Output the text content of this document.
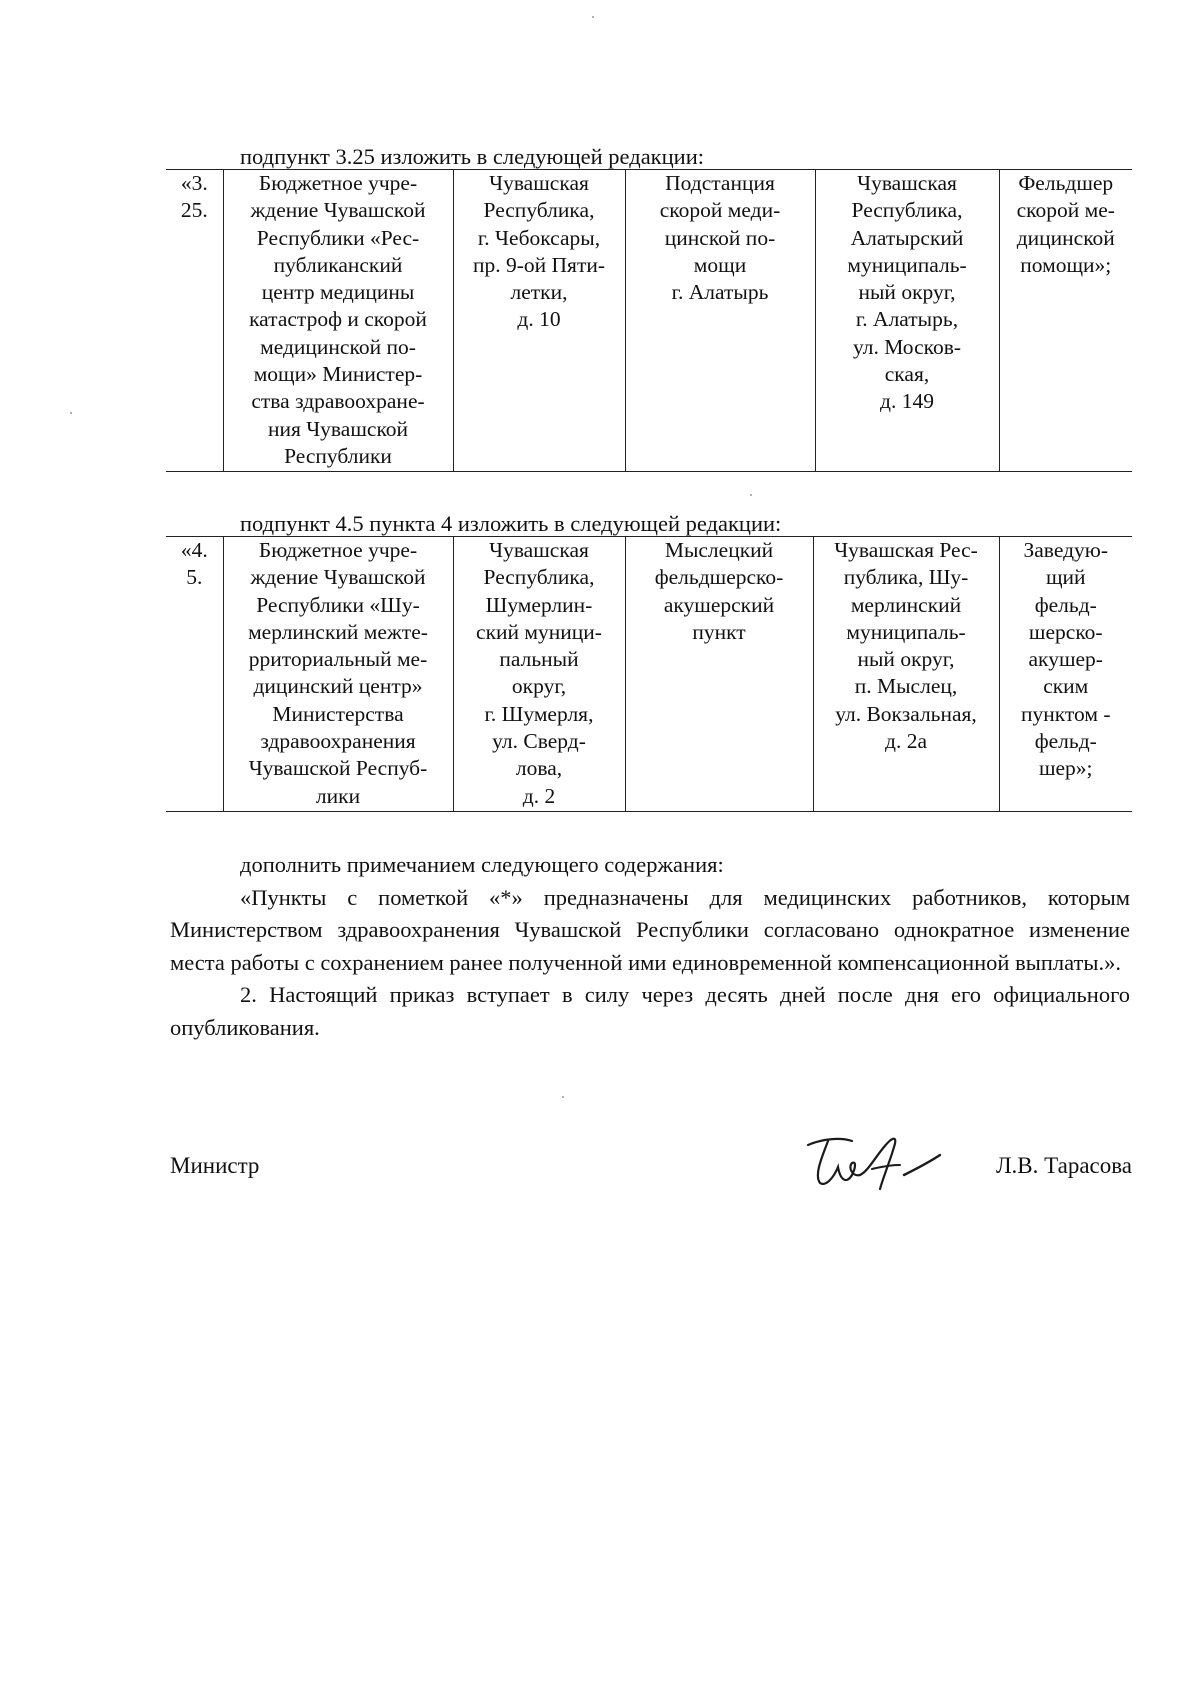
подпункт 3.25 изложить в следующей редакции:
«3.
25.	Бюджетное учре-
ждение Чувашской
Республики «Рес-
публиканский
центр медицины
катастроф и скорой
медицинской по-
мощи» Министер-
ства здравоохране-
ния Чувашской
Республики	Чувашская
Республика,
г. Чебоксары,
пр. 9-ой Пяти-
летки,
д. 10	Подстанция
скорой меди-
цинской по-
мощи
г. Алатырь	Чувашская
Республика,
Алатырский
муниципаль-
ный округ,
г. Алатырь,
ул. Москов-
ская,
д. 149	Фельдшер
скорой ме-
дицинской
помощи»;
подпункт 4.5 пункта 4 изложить в следующей редакции:
«4.
5.	Бюджетное учре-
ждение Чувашской
Республики «Шу-
мерлинский межте-
рриториальный ме-
дицинский центр»
Министерства
здравоохранения
Чувашской Респуб-
лики	Чувашская
Республика,
Шумерлин-
ский муници-
пальный
округ,
г. Шумерля,
ул. Сверд-
лова,
д. 2	Мыслецкий
фельдшерско-
акушерский
пункт	Чувашская Рес-
публика, Шу-
мерлинский
муниципаль-
ный округ,
п. Мыслец,
ул. Вокзальная,
д. 2а	Заведую-
щий
фельд-
шерско-
акушер-
ским
пунктом -
фельд-
шер»;

дополнить примечанием следующего содержания:

«Пункты с пометкой «*» предназначены для медицинских работников, которым Министерством здравоохранения Чувашской Республики согласовано однократное изменение места работы с сохранением ранее полученной ими единовременной компенсационной выплаты.».

2. Настоящий приказ вступает в силу через десять дней после дня его официального опубликования.

Министр	Л.В. Тарасова
